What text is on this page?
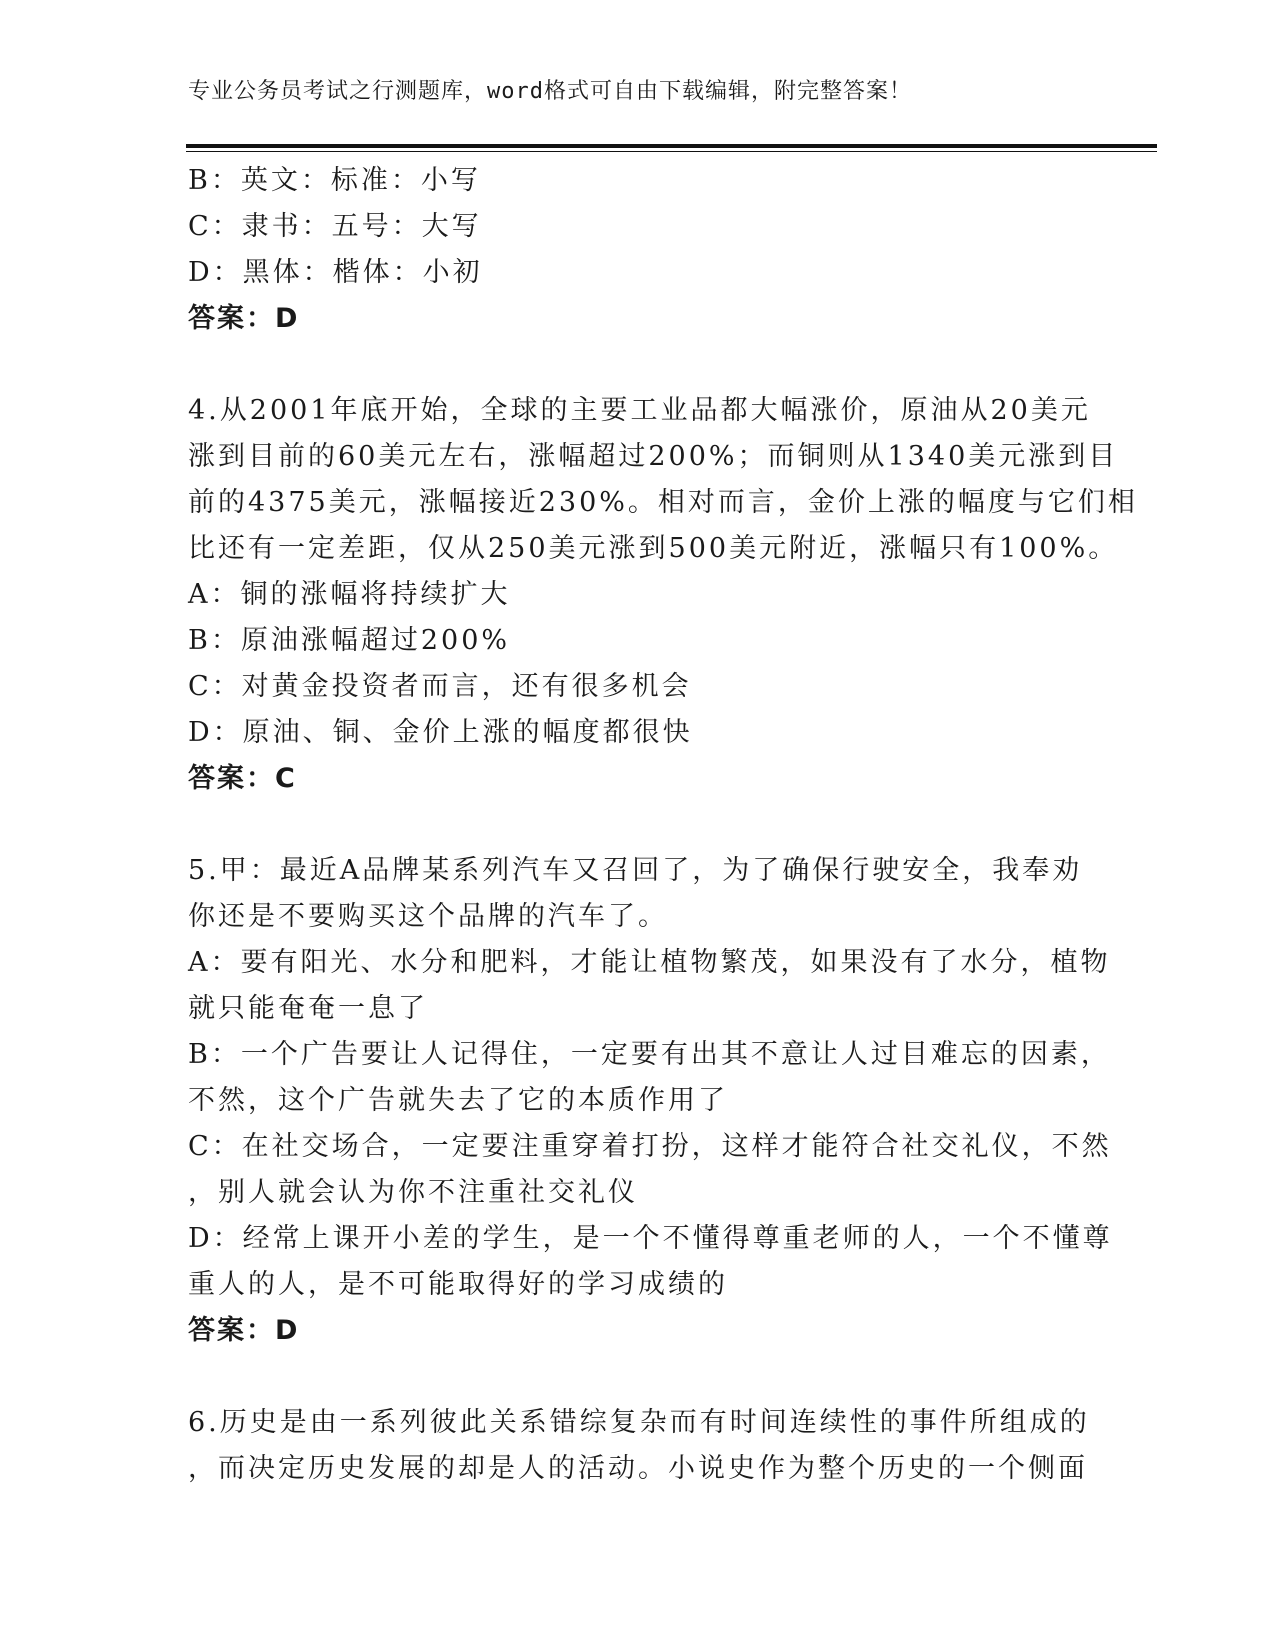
专业公务员考试之行测题库，word格式可自由下载编辑，附完整答案！
B：英文：标准：小写
C：隶书：五号：大写
D：黑体：楷体：小初
答案：D
4.从2001年底开始，全球的主要工业品都大幅涨价，原油从20美元
涨到目前的60美元左右，涨幅超过200%；而铜则从1340美元涨到目
前的4375美元，涨幅接近230%。相对而言，金价上涨的幅度与它们相
比还有一定差距，仅从250美元涨到500美元附近，涨幅只有100%。
A：铜的涨幅将持续扩大
B：原油涨幅超过200%
C：对黄金投资者而言，还有很多机会
D：原油、铜、金价上涨的幅度都很快
答案：C
5.甲：最近A品牌某系列汽车又召回了，为了确保行驶安全，我奉劝
你还是不要购买这个品牌的汽车了。
A：要有阳光、水分和肥料，才能让植物繁茂，如果没有了水分，植物
就只能奄奄一息了
B：一个广告要让人记得住，一定要有出其不意让人过目难忘的因素，
不然，这个广告就失去了它的本质作用了
C：在社交场合，一定要注重穿着打扮，这样才能符合社交礼仪，不然
，别人就会认为你不注重社交礼仪
D：经常上课开小差的学生，是一个不懂得尊重老师的人，一个不懂尊
重人的人，是不可能取得好的学习成绩的
答案：D
6.历史是由一系列彼此关系错综复杂而有时间连续性的事件所组成的
，而决定历史发展的却是人的活动。小说史作为整个历史的一个侧面
